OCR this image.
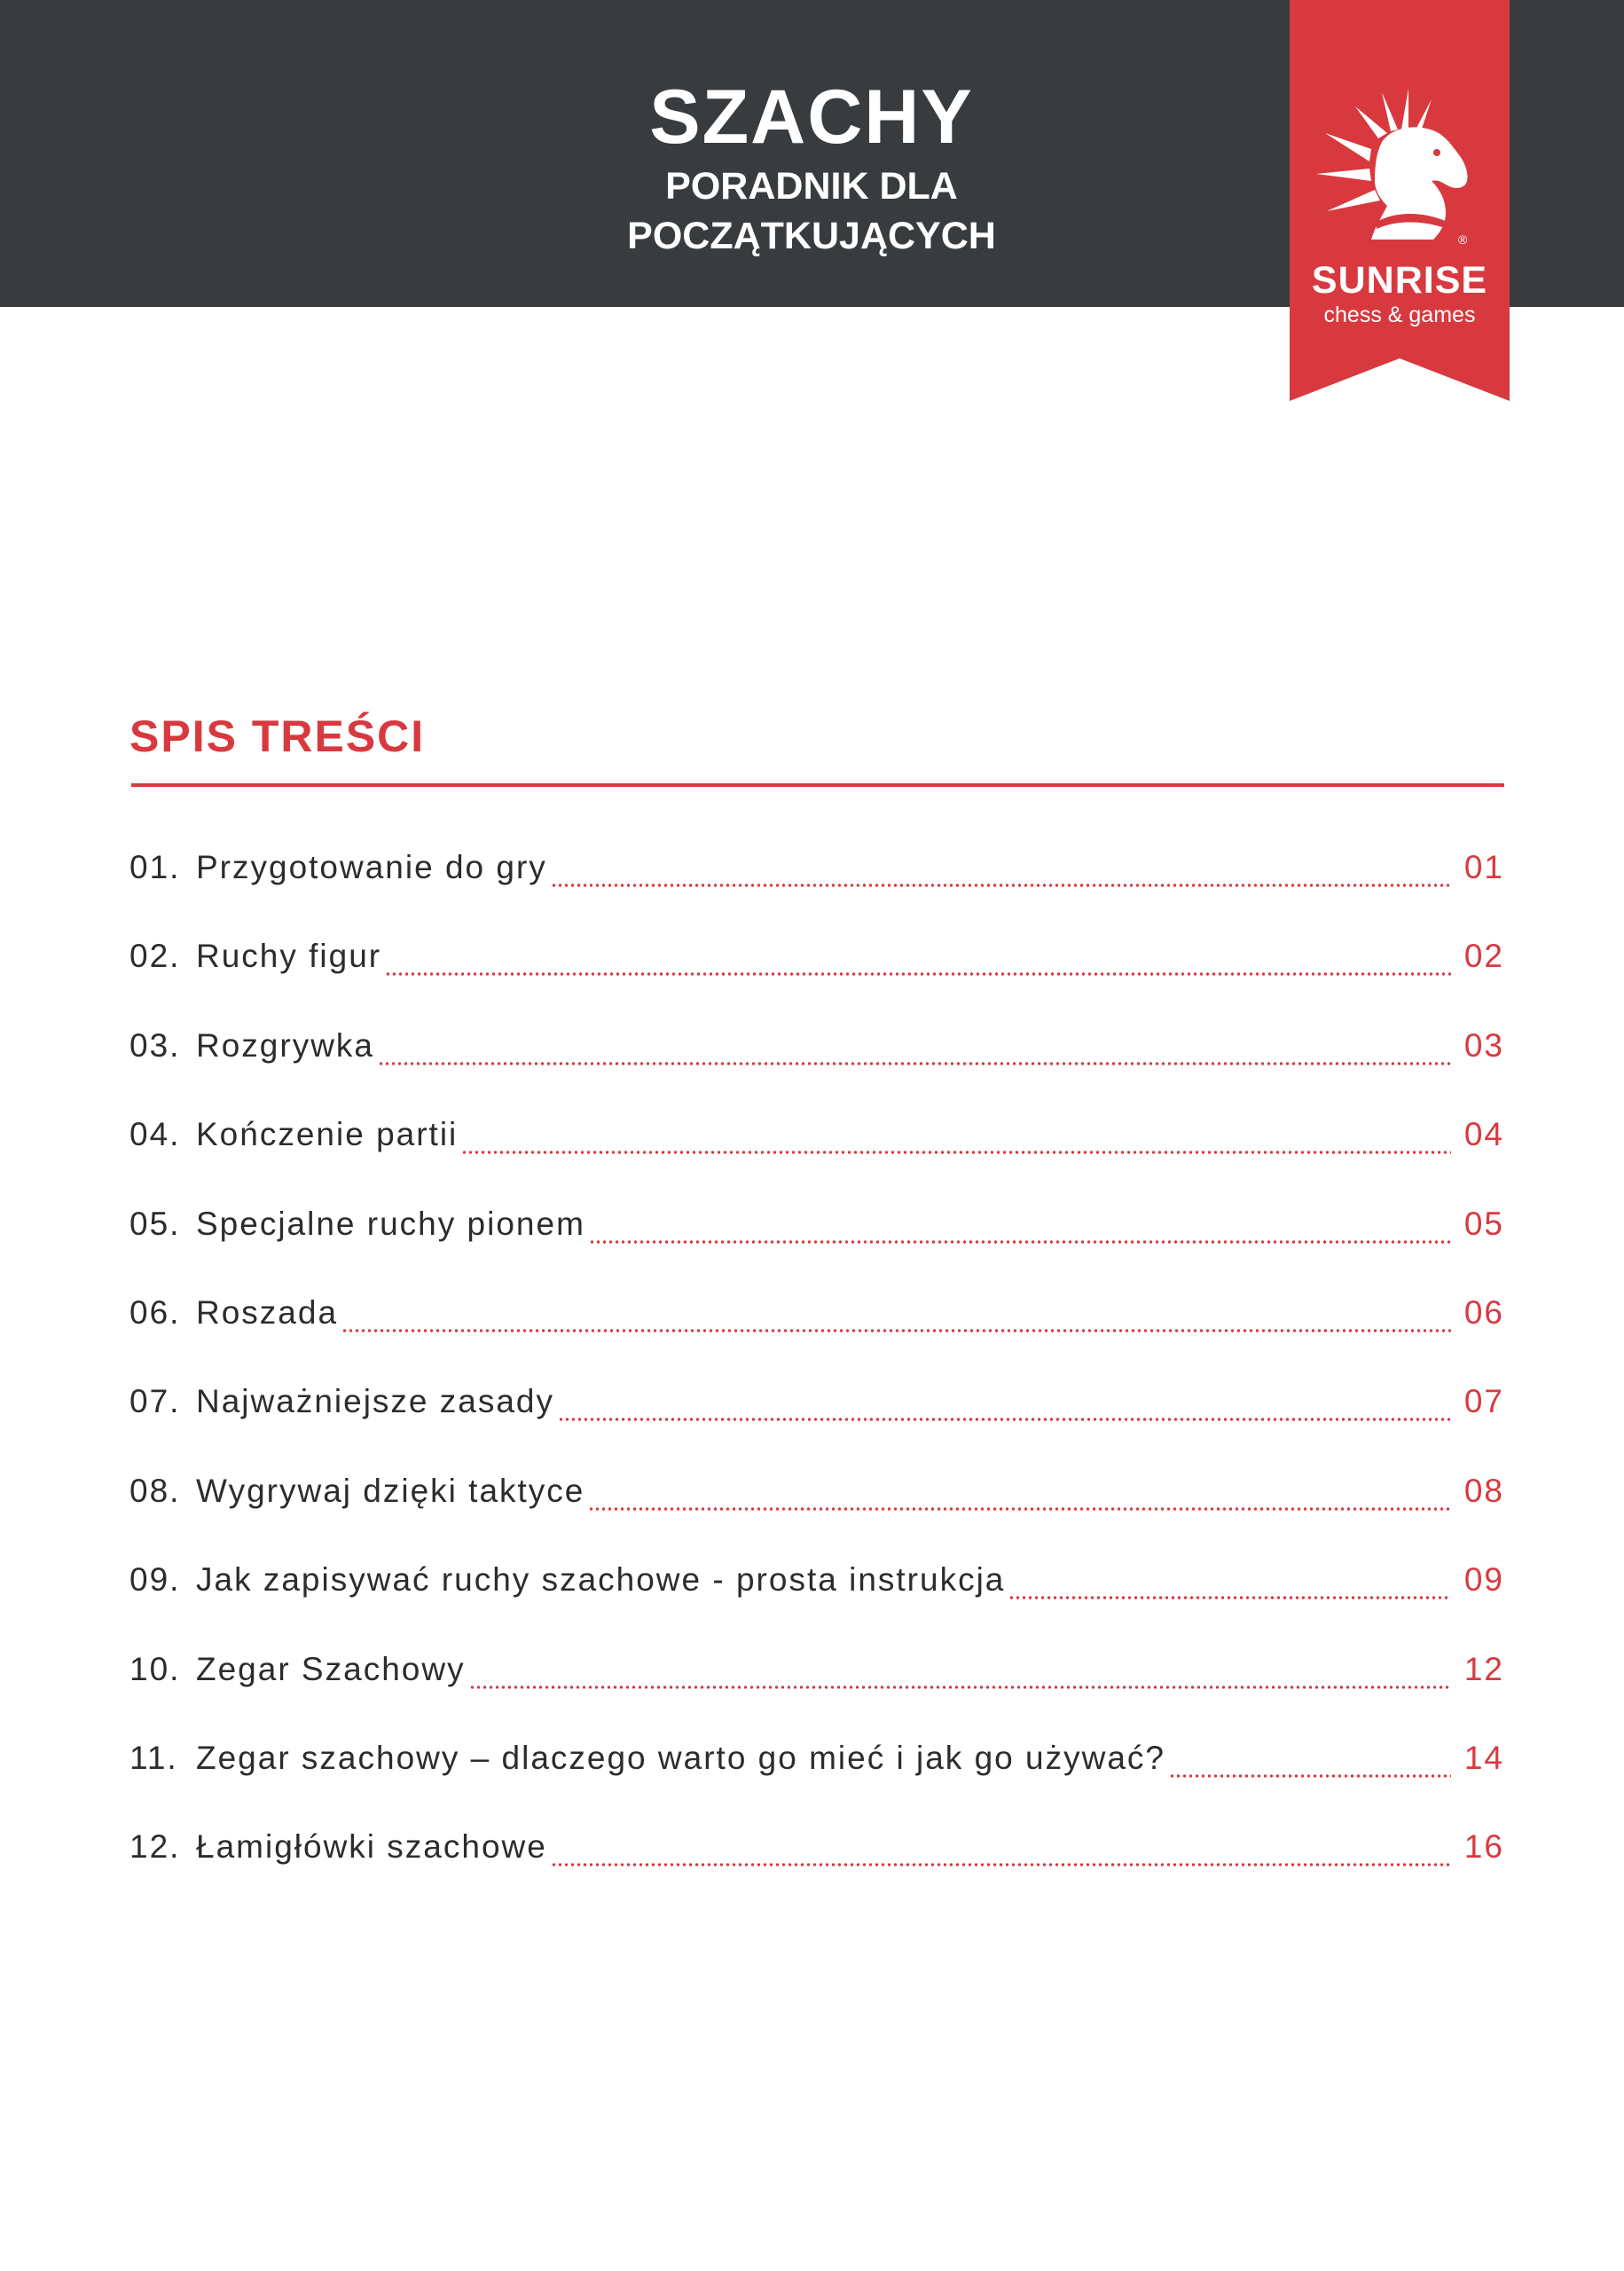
SZACHY
PORADNIK DLA
POCZĄTKUJĄCYCH	®
SUNRISE
chess & games
SPIS TREŚCI
01. Przygotowanie do gry	01
02. Ruchy figur	02
03. Rozgrywka	03
04. Kończenie partii	04
05. Specjalne ruchy pionem	05
06. Roszada	06
07. Najważniejsze zasady	07
08. Wygrywaj dzięki taktyce	08
09. Jak zapisywać ruchy szachowe - prosta instrukcja	09
10. Zegar Szachowy	12
11. Zegar szachowy – dlaczego warto go mieć i jak go używać?	14
12. Łamigłówki szachowe	16
